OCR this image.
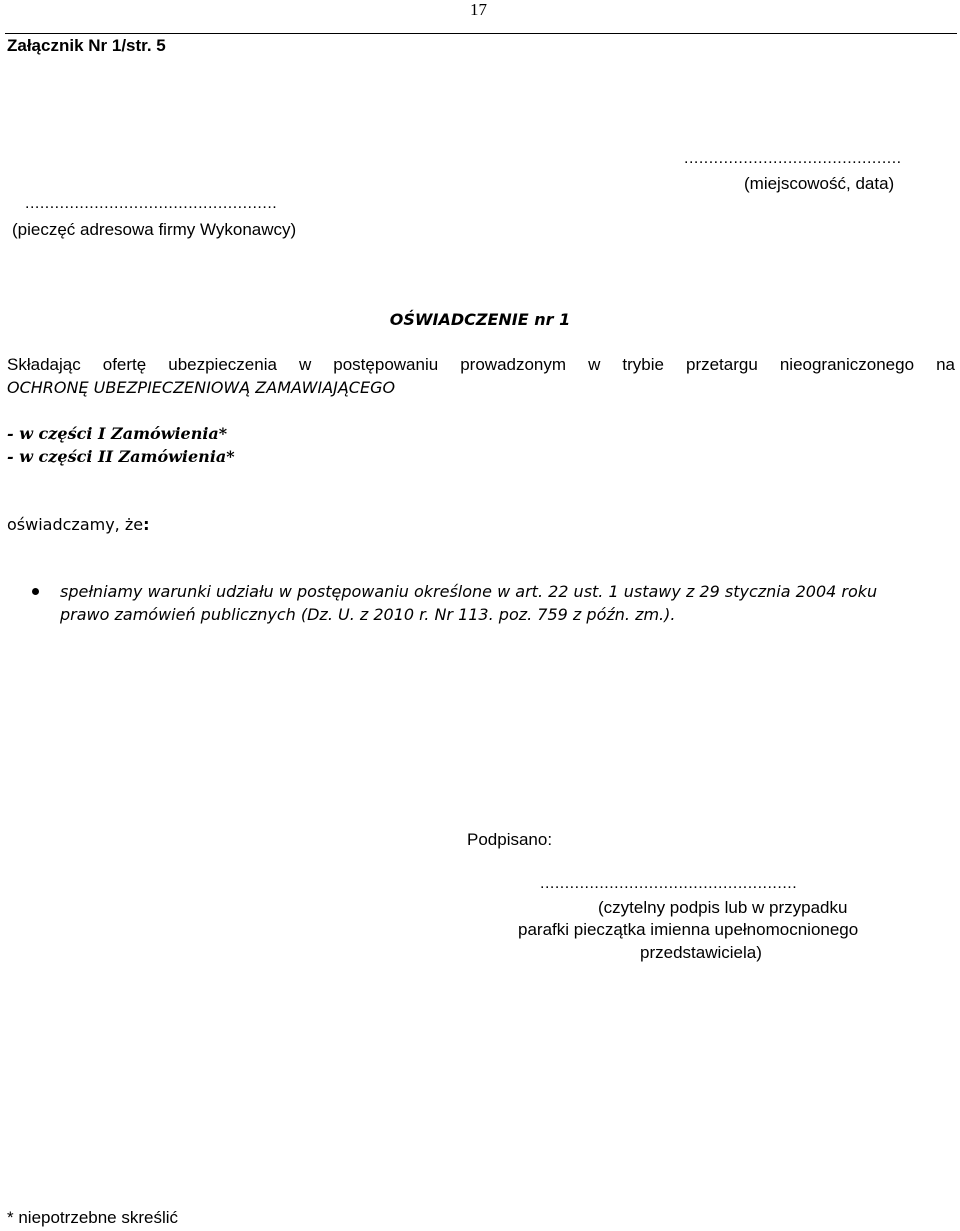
17
Załącznik Nr 1/str. 5
............................................
(miejscowość, data)
...................................................
(pieczęć adresowa firmy Wykonawcy)
OŚWIADCZENIE nr 1
Składając ofertę ubezpieczenia w postępowaniu prowadzonym w trybie przetargu nieograniczonego na
OCHRONĘ UBEZPIECZENIOWĄ ZAMAWIAJĄCEGO
- w części I Zamówienia*
- w części II Zamówienia*
oświadczamy, że:
spełniamy warunki udziału w postępowaniu określone w art. 22 ust. 1 ustawy z 29 stycznia 2004 roku prawo zamówień publicznych (Dz. U. z 2010 r. Nr 113. poz. 759 z późn. zm.).
Podpisano:
....................................................
(czytelny podpis lub w przypadku
parafki pieczątka imienna upełnomocnionego
przedstawiciela)
* niepotrzebne skreślić
